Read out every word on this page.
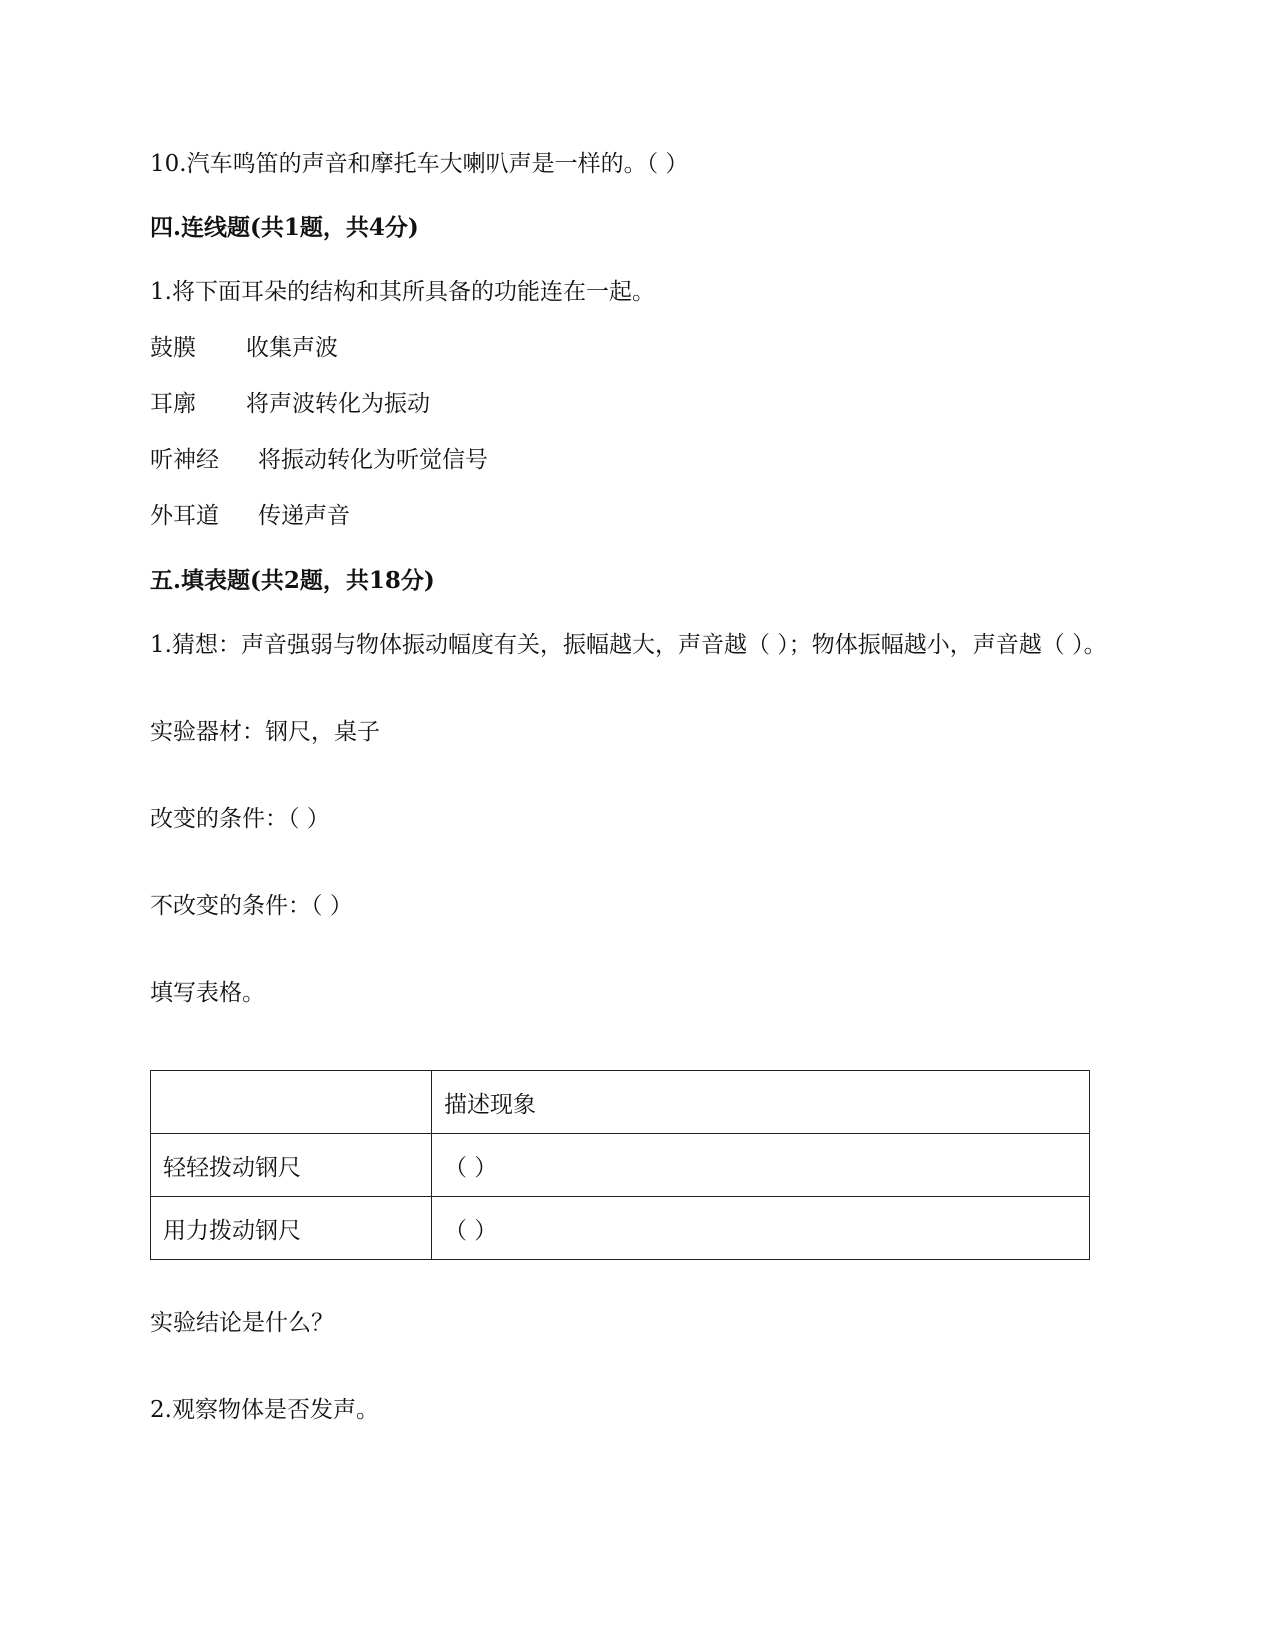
10.汽车鸣笛的声音和摩托车大喇叭声是一样的。（ ）
四.连线题(共1题，共4分)
1.将下面耳朵的结构和其所具备的功能连在一起。
鼓膜 收集声波
耳廓 将声波转化为振动
听神经 将振动转化为听觉信号
外耳道 传递声音
五.填表题(共2题，共18分)
1.猜想：声音强弱与物体振动幅度有关，振幅越大，声音越（ ）；物体振幅越小，声音越（ ）。
实验器材：钢尺，桌子
改变的条件：（ ）
不改变的条件：（ ）
填写表格。
	描述现象
轻轻拨动钢尺	（ ）
用力拨动钢尺	（ ）
实验结论是什么？
2.观察物体是否发声。
